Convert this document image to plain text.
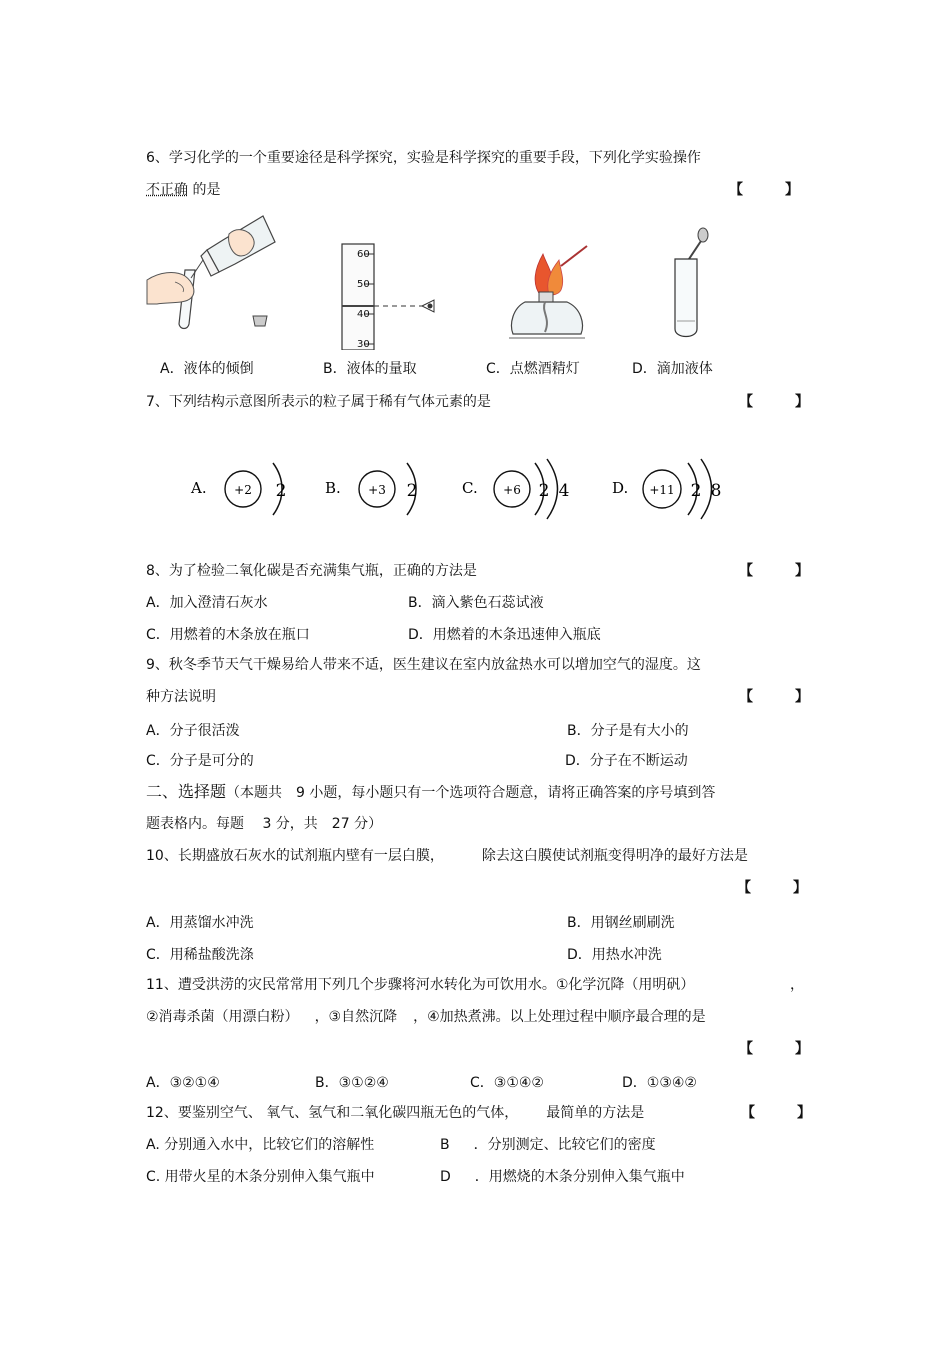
6、学习化学的一个重要途径是科学探究，实验是科学探究的重要手段，下列化学实验操作
不正确 的是	【	】
60
50
40
30
A．液体的倾倒	B．液体的量取	C．点燃酒精灯	D．滴加液体
7、下列结构示意图所表示的粒子属于稀有气体元素的是	【	】
A. +2 2	B. +3 2	C. +6 2 4	D. +11 2 8
8、为了检验二氧化碳是否充满集气瓶，正确的方法是	【	】
A．加入澄清石灰水	B．滴入紫色石蕊试液
C．用燃着的木条放在瓶口	D．用燃着的木条迅速伸入瓶底
9、秋冬季节天气干燥易给人带来不适，医生建议在室内放盆热水可以增加空气的湿度。这
种方法说明	【	】
A．分子很活泼	B．分子是有大小的
C．分子是可分的	D．分子在不断运动
二、选择题（本题共　9 小题，每小题只有一个选项符合题意，请将正确答案的序号填到答
题表格内。每题　 3 分，共　27 分）
10、长期盛放石灰水的试剂瓶内壁有一层白膜，	除去这白膜使试剂瓶变得明净的最好方法是
【	】
A．用蒸馏水冲洗	B．用钢丝刷刷洗
C．用稀盐酸洗涤	D．用热水冲洗
11、遭受洪涝的灾民常常用下列几个步骤将河水转化为可饮用水。①化学沉降（用明矾）	，
②消毒杀菌（用漂白粉） ，③自然沉降 ，④加热煮沸。以上处理过程中顺序最合理的是
【	】
A．③②①④	B．③①②④	C．③①④②	D．①③④②
12、要鉴别空气、 氧气、氢气和二氧化碳四瓶无色的气体， 最简单的方法是	【	】
A. 分别通入水中，比较它们的溶解性	B ．分别测定、比较它们的密度
C. 用带火星的木条分别伸入集气瓶中	D ．用燃烧的木条分别伸入集气瓶中
